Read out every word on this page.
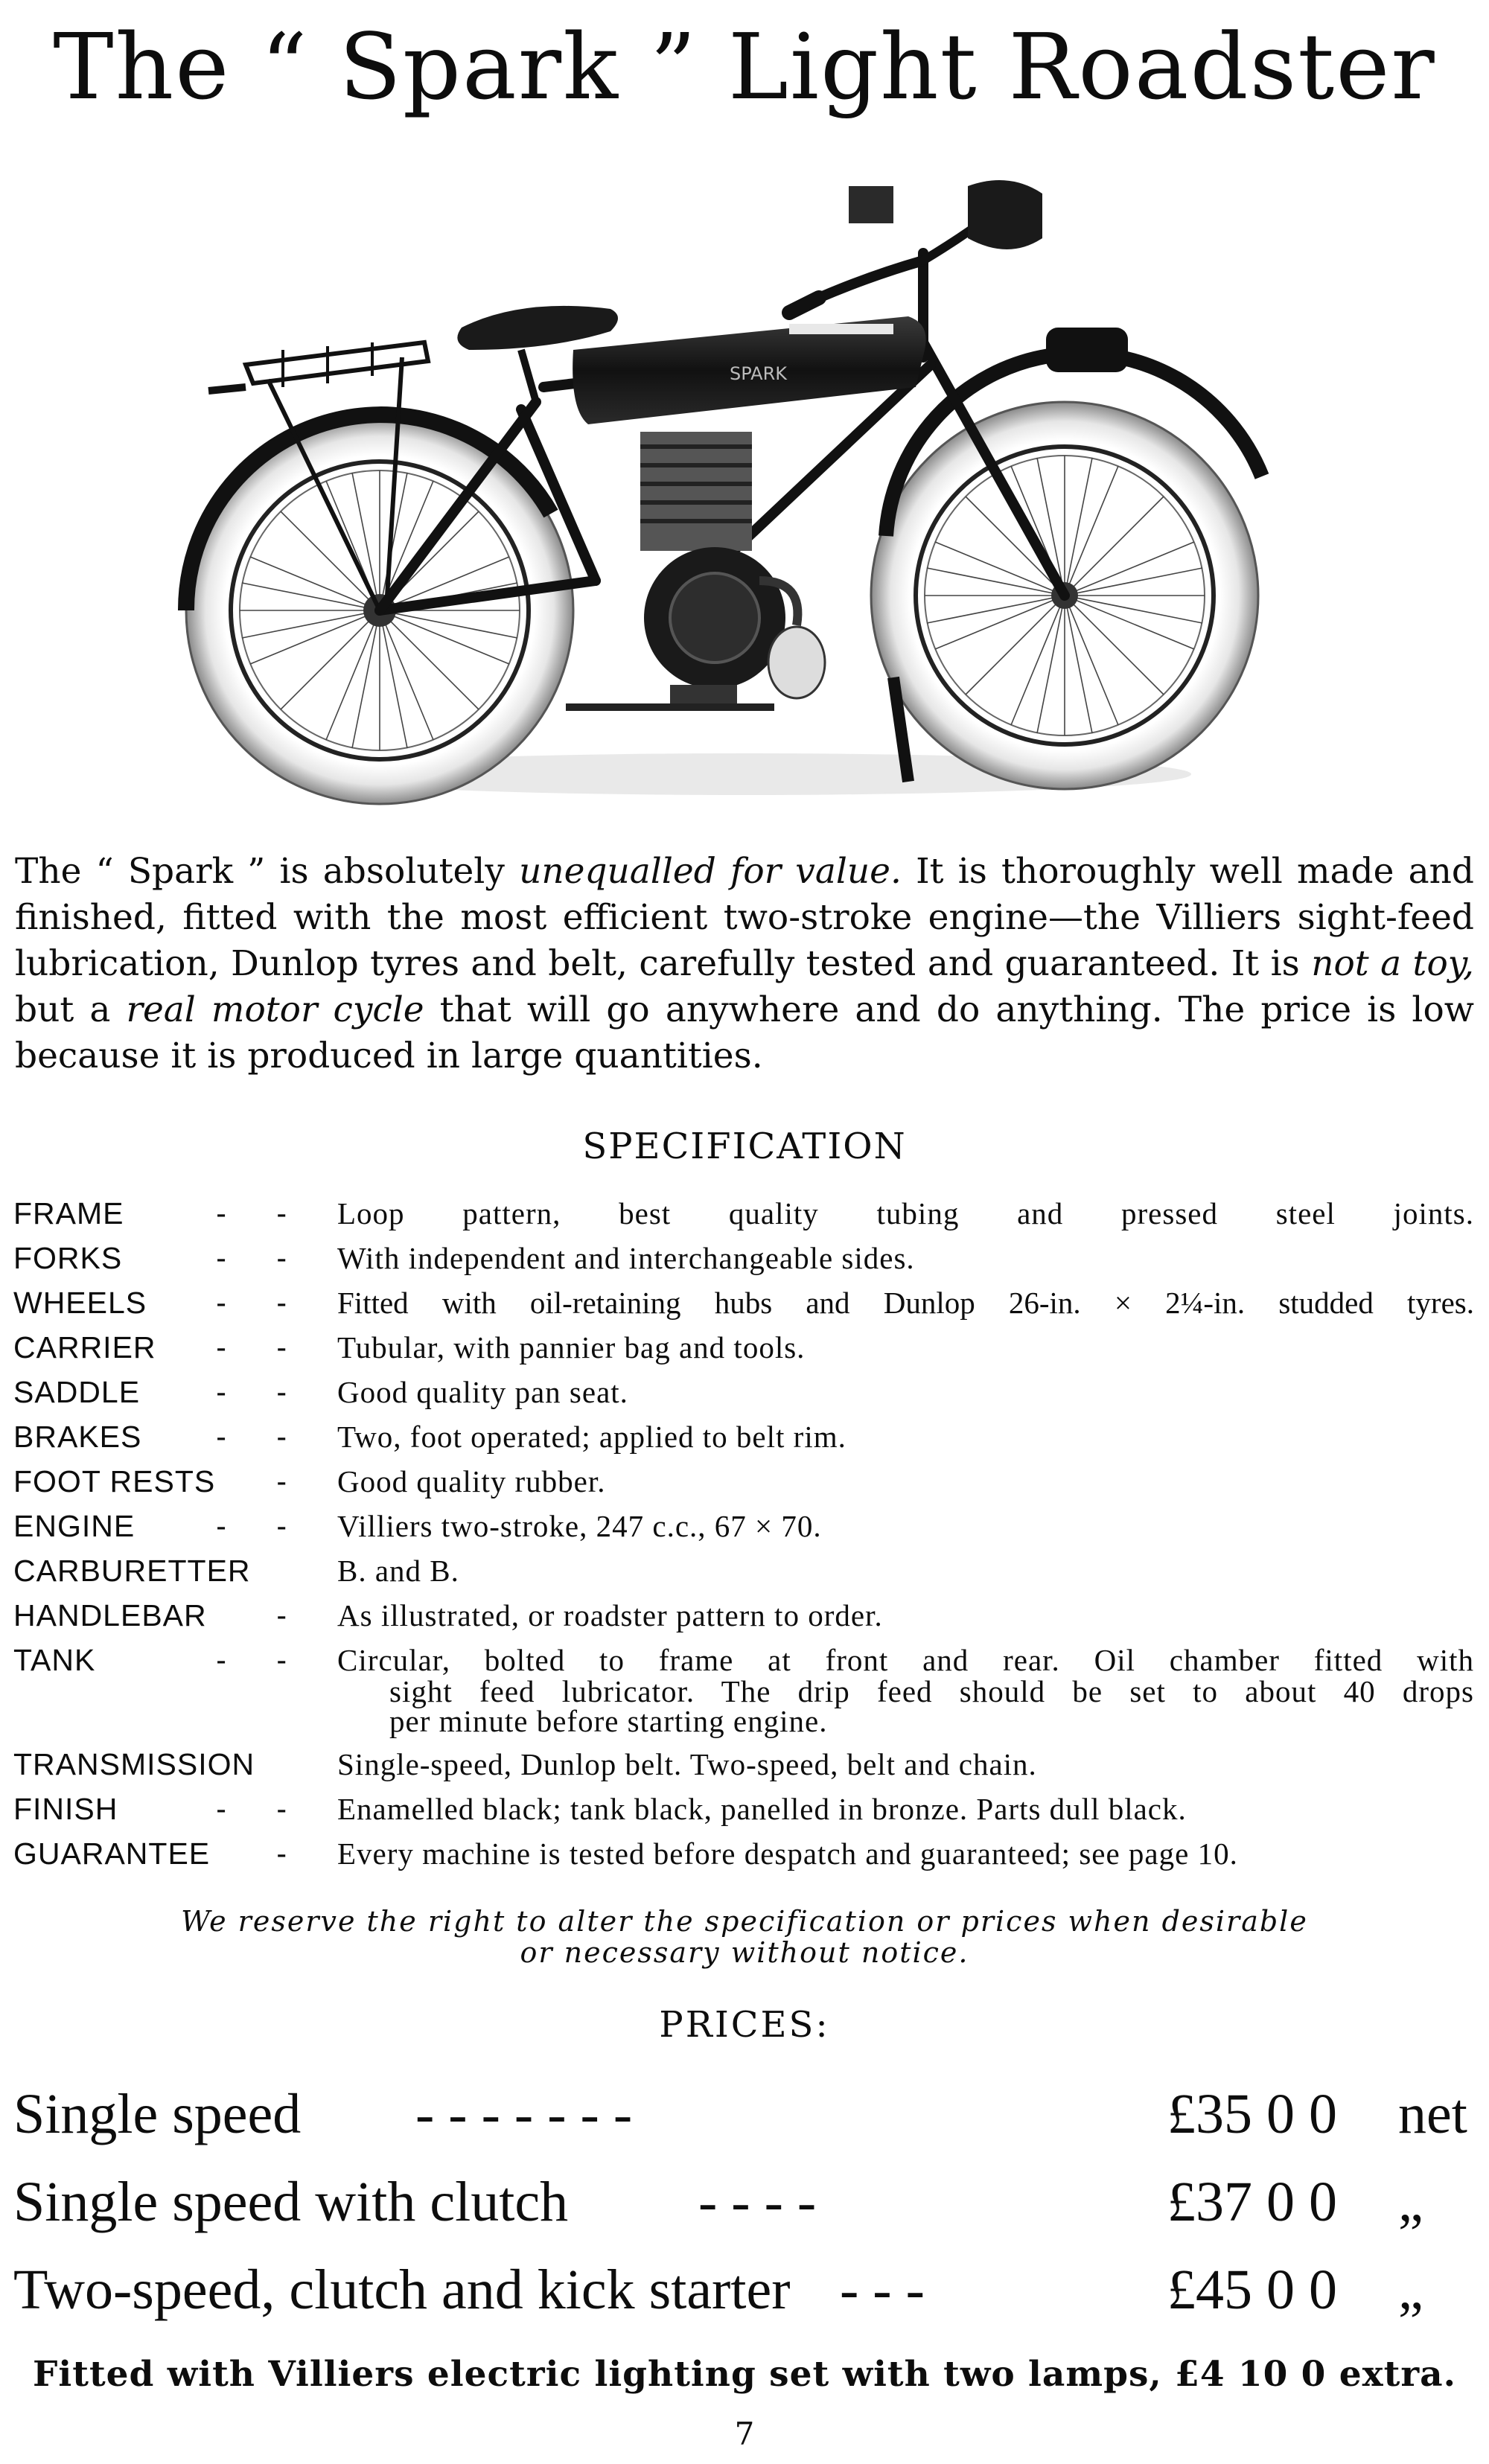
The “ Spark ” Light Roadster
SPARK
The “ Spark ” is absolutely unequalled for value. It is thoroughly well made and finished, fitted with the most efficient two-stroke engine—the Villiers sight-feed lubrication, Dunlop tyres and belt, carefully tested and guaranteed. It is not a toy, but a real motor cycle that will go anywhere and do anything. The price is low because it is produced in large quantities.
SPECIFICATION
FRAME	- - Loop pattern, best quality tubing and pressed steel joints.
FORKS	- - With independent and interchangeable sides.
WHEELS	- - Fitted with oil-retaining hubs and Dunlop 26-in. × 2¼-in. studded tyres.
CARRIER	- - Tubular, with pannier bag and tools.
SADDLE	- - Good quality pan seat.
BRAKES	- - Two, foot operated; applied to belt rim.
FOOT RESTS	- Good quality rubber.
ENGINE	- - Villiers two-stroke, 247 c.c., 67 × 70.
CARBURETTER	B. and B.
HANDLEBAR	- As illustrated, or roadster pattern to order.
TANK	- - Circular, bolted to frame at front and rear. Oil chamber fitted with
sight feed lubricator. The drip feed should be set to about 40 drops
per minute before starting engine.
TRANSMISSION	Single-speed, Dunlop belt. Two-speed, belt and chain.
FINISH	- - Enamelled black; tank black, panelled in bronze. Parts dull black.
GUARANTEE	- Every machine is tested before despatch and guaranteed; see page 10.
We reserve the right to alter the specification or prices when desirable
or necessary without notice.
PRICES:
Single speed - - - - - - -	£35 0 0 net
Single speed with clutch - - - -	£37 0 0 „
Two-speed, clutch and kick starter - - -	£45 0 0 „
Fitted with Villiers electric lighting set with two lamps, £4 10 0 extra.
7
